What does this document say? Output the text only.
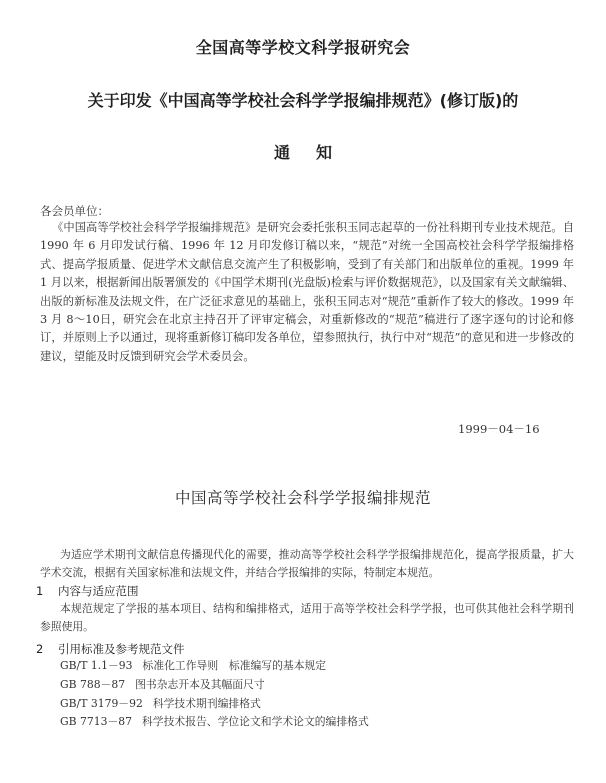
全国高等学校文科学报研究会
关于印发《中国高等学校社会科学学报编排规范》(修订版)的
通知
各会员单位：
《中国高等学校社会科学学报编排规范》是研究会委托张积玉同志起草的一份社科期刊专业技术规范。自 1990 年 6 月印发试行稿、1996 年 12 月印发修订稿以来，“规范”对统一全国高校社会科学学报编排格式、提高学报质量、促进学术文献信息交流产生了积极影响，受到了有关部门和出版单位的重视。1999 年 1 月以来，根据新闻出版署颁发的《中国学术期刊(光盘版)检索与评价数据规范》，以及国家有关文献编辑、出版的新标准及法规文件，在广泛征求意见的基础上，张积玉同志对“规范”重新作了较大的修改。1999 年 3 月 8～10日，研究会在北京主持召开了评审定稿会，对重新修改的“规范”稿进行了逐字逐句的讨论和修订，并原则上予以通过，现将重新修订稿印发各单位，望参照执行，执行中对“规范”的意见和进一步修改的建议，望能及时反馈到研究会学术委员会。
1999－04－16
中国高等学校社会科学学报编排规范
为适应学术期刊文献信息传播现代化的需要，推动高等学校社会科学学报编排规范化，提高学报质量，扩大学术交流，根据有关国家标准和法规文件，并结合学报编排的实际，特制定本规范。
1 内容与适应范围
本规范规定了学报的基本项目、结构和编排格式，适用于高等学校社会科学学报，也可供其他社会科学期刊参照使用。
2 引用标准及参考规范文件
GB/T 1.1－93 标准化工作导则　标准编写的基本规定
GB 788－87 图书杂志开本及其幅面尺寸
GB/T 3179－92 科学技术期刊编排格式
GB 7713－87 科学技术报告、学位论文和学术论文的编排格式
